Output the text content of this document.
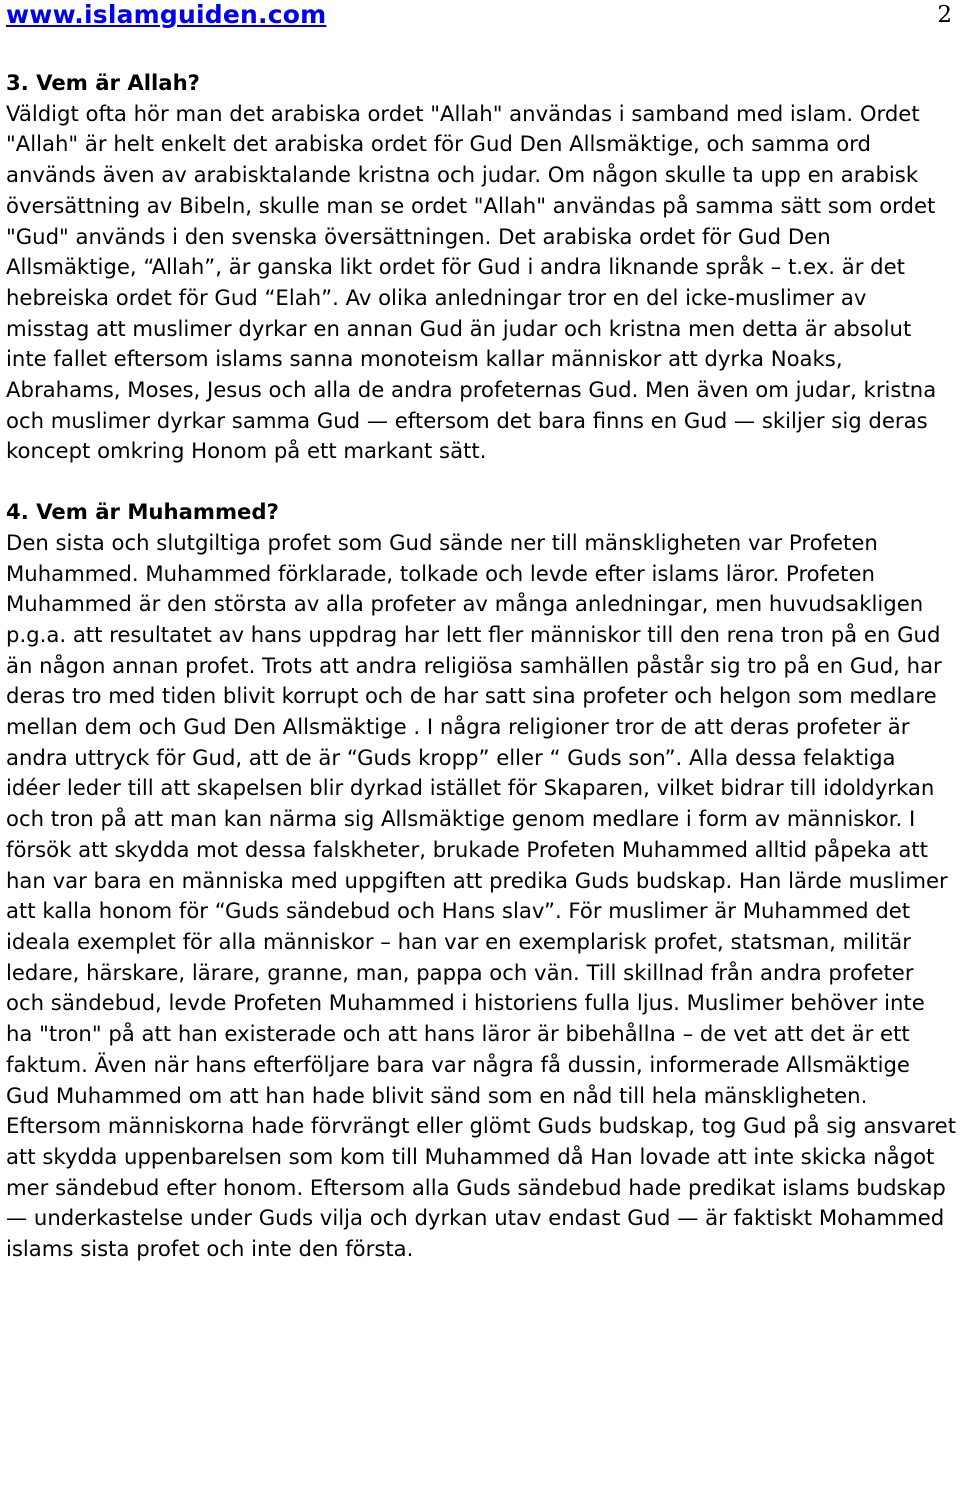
www.islamguiden.com	2

3. Vem är Allah?

Väldigt ofta hör man det arabiska ordet "Allah" användas i samband med islam. Ordet "Allah" är helt enkelt det arabiska ordet för Gud Den Allsmäktige, och samma ord används även av arabisktalande kristna och judar. Om någon skulle ta upp en arabisk översättning av Bibeln, skulle man se ordet "Allah" användas på samma sätt som ordet "Gud" används i den svenska översättningen. Det arabiska ordet för Gud Den Allsmäktige, “Allah”, är ganska likt ordet för Gud i andra liknande språk – t.ex. är det hebreiska ordet för Gud “Elah”. Av olika anledningar tror en del icke-muslimer av misstag att muslimer dyrkar en annan Gud än judar och kristna men detta är absolut inte fallet eftersom islams sanna monoteism kallar människor att dyrka Noaks, Abrahams, Moses, Jesus och alla de andra profeternas Gud. Men även om judar, kristna och muslimer dyrkar samma Gud — eftersom det bara finns en Gud — skiljer sig deras koncept omkring Honom på ett markant sätt.

4. Vem är Muhammed?

Den sista och slutgiltiga profet som Gud sände ner till mänskligheten var Profeten Muhammed. Muhammed förklarade, tolkade och levde efter islams läror. Profeten Muhammed är den största av alla profeter av många anledningar, men huvudsakligen p.g.a. att resultatet av hans uppdrag har lett fler människor till den rena tron på en Gud än någon annan profet. Trots att andra religiösa samhällen påstår sig tro på en Gud, har deras tro med tiden blivit korrupt och de har satt sina profeter och helgon som medlare mellan dem och Gud Den Allsmäktige . I några religioner tror de att deras profeter är andra uttryck för Gud, att de är “Guds kropp” eller “ Guds son”. Alla dessa felaktiga idéer leder till att skapelsen blir dyrkad istället för Skaparen, vilket bidrar till idoldyrkan och tron på att man kan närma sig Allsmäktige genom medlare i form av människor. I försök att skydda mot dessa falskheter, brukade Profeten Muhammed alltid påpeka att han var bara en människa med uppgiften att predika Guds budskap. Han lärde muslimer att kalla honom för “Guds sändebud och Hans slav”. För muslimer är Muhammed det ideala exemplet för alla människor – han var en exemplarisk profet, statsman, militär ledare, härskare, lärare, granne, man, pappa och vän. Till skillnad från andra profeter och sändebud, levde Profeten Muhammed i historiens fulla ljus. Muslimer behöver inte ha "tron" på att han existerade och att hans läror är bibehållna – de vet att det är ett faktum. Även när hans efterföljare bara var några få dussin, informerade Allsmäktige Gud Muhammed om att han hade blivit sänd som en nåd till hela mänskligheten. Eftersom människorna hade förvrängt eller glömt Guds budskap, tog Gud på sig ansvaret att skydda uppenbarelsen som kom till Muhammed då Han lovade att inte skicka något mer sändebud efter honom. Eftersom alla Guds sändebud hade predikat islams budskap — underkastelse under Guds vilja och dyrkan utav endast Gud — är faktiskt Mohammed islams sista profet och inte den första.
